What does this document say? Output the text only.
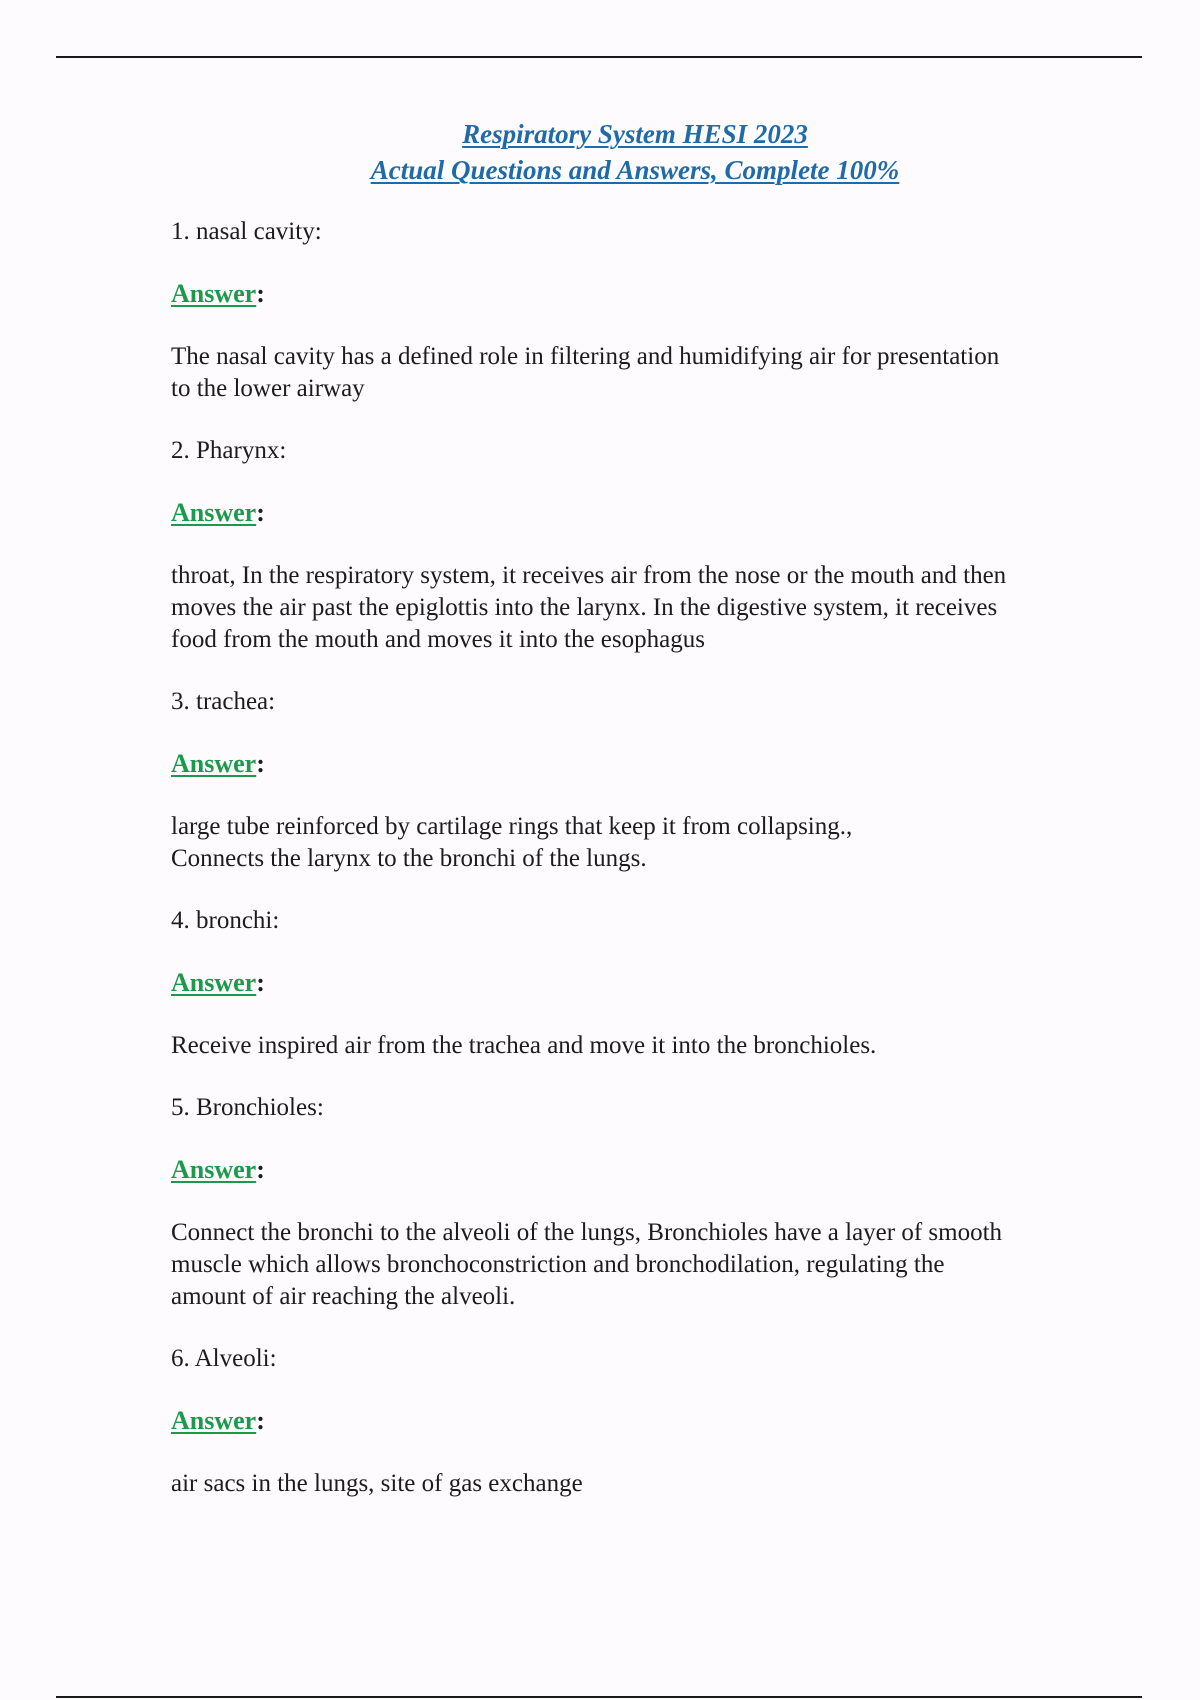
Respiratory System HESI 2023
Actual Questions and Answers, Complete 100%

1. nasal cavity:

Answer:

The nasal cavity has a defined role in filtering and humidifying air for presentation
to the lower airway

2. Pharynx:

Answer:

throat, In the respiratory system, it receives air from the nose or the mouth and then
moves the air past the epiglottis into the larynx. In the digestive system, it receives
food from the mouth and moves it into the esophagus

3. trachea:

Answer:

large tube reinforced by cartilage rings that keep it from collapsing.,
Connects the larynx to the bronchi of the lungs.

4. bronchi:

Answer:

Receive inspired air from the trachea and move it into the bronchioles.

5. Bronchioles:

Answer:

Connect the bronchi to the alveoli of the lungs, Bronchioles have a layer of smooth
muscle which allows bronchoconstriction and bronchodilation, regulating the
amount of air reaching the alveoli.

6. Alveoli:

Answer:

air sacs in the lungs, site of gas exchange
